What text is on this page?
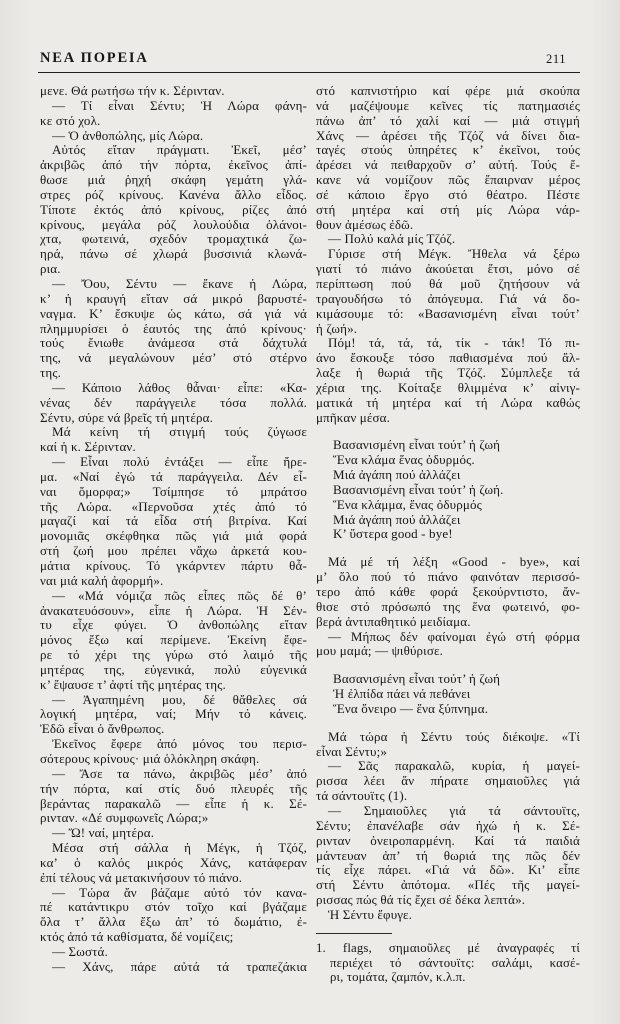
ΝΕΑ ΠΟΡΕΙΑ	211
μενε. Θά ρωτήσω τήν κ. Σέρινταν.
— Τί εἶναι Σέντυ; Ἡ Λώρα φάνη-
κε στό χολ.
— Ὁ ἀνθοπώλης, μίς Λώρα.
Αὐτός εἴταν πράγματι. Ἐκεῖ, μέσ’
ἀκριβῶς ἀπό τήν πόρτα, ἐκεῖνος ἀπί-
θωσε μιά ῥηχή σκάφη γεμάτη γλά-
στρες ρόζ κρίνους. Κανένα ἄλλο εἶδος.
Τίποτε ἐκτός ἀπό κρίνους, ρίζες ἀπό
κρίνους, μεγάλα ρόζ λουλούδια ὁλάνοι-
χτα, φωτεινά, σχεδόν τρομαχτικά ζω-
ηρά, πάνω σέ χλωρά βυσσινιά κλωνά-
ρια.
— Ὄου, Σέντυ — ἔκανε ἡ Λώρα,
κ’ ἡ κραυγή εἴταν σά μικρό βαρυστέ-
ναγμα. Κ’ ἔσκυψε ὡς κάτω, σά γιά νά
πλημμυρίσει ὁ ἑαυτός της ἀπό κρίνους·
τούς ἔνιωθε ἀνάμεσα στά δάχτυλά
της, νά μεγαλώνουν μέσ’ στό στέρνο
της.
— Κάποιο λάθος θἆναι· εἶπε: «Κα-
νένας δέν παράγγειλε τόσα πολλά.
Σέντυ, σύρε νά βρεῖς τή μητέρα.
Μά κείνη τή στιγμή τούς ζύγωσε
καί ἡ κ. Σέρινταν.
— Εἶναι πολύ ἐντάξει — εἶπε ἤρε-
μα. «Ναί ἐγώ τά παράγγειλα. Δέν εἶ-
ναι ὄμορφα;» Τσίμπησε τό μπράτσο
τῆς Λώρα. «Περνοῦσα χτές ἀπό τό
μαγαζί καί τά εἶδα στή βιτρίνα. Καί
μονομιᾶς σκέφθηκα πῶς γιά μιά φορά
στή ζωή μου πρέπει νἄχω ἀρκετά κου-
μάτια κρίνους. Τό γκάρντεν πάρτυ θἆ-
ναι μιά καλή ἀφορμή».
— «Μά νόμιζα πῶς εἶπες πῶς δέ θ’
ἀνακατευόσουν», εἶπε ἡ Λώρα. Ἡ Σέν-
τυ εἶχε φύγει. Ὁ ἀνθοπώλης εἴταν
μόνος ἔξω καί περίμενε. Ἐκείνη ἔφε-
ρε τό χέρι της γύρω στό λαιμό τῆς
μητέρας της, εὐγενικά, πολύ εὐγενικά
κ’ ἔψαυσε τ’ ἀφτί τῆς μητέρας της.
— Ἀγαπημένη μου, δέ θἄθελες σά
λογική μητέρα, ναί; Μήν τό κάνεις.
Ἐδῶ εἶναι ὁ ἄνθρωπος.
Ἐκεῖνος ἔφερε ἀπό μόνος του περισ-
σότερους κρίνους· μιά ὁλόκληρη σκάφη.
— Ἄσε τα πάνω, ἀκριβῶς μέσ’ ἀπό
τήν πόρτα, καί στίς δυό πλευρές τῆς
βεράντας παρακαλῶ — εἶπε ἡ κ. Σέ-
ρινταν. «Δέ συμφωνεῖς Λώρα;»
— Ὤ! ναί, μητέρα.
Μέσα στή σάλλα ἡ Μέγκ, ἡ Τζόζ,
κα’ ὁ καλός μικρός Χάνς, κατάφεραν
ἐπί τέλους νά μετακινήσουν τό πιάνο.
— Τώρα ἄν βάζαμε αὐτό τόν κανα-
πέ κατάντικρυ στόν τοῖχο καί βγάζαμε
ὅλα τ’ ἄλλα ἔξω ἀπ’ τό δωμάτιο, ἐ-
κτός ἀπό τά καθίσματα, δέ νομίζεις;
— Σωστά.
— Χάνς, πάρε αὐτά τά τραπεζάκια
στό καπνιστήριο καί φέρε μιά σκούπα
νά μαζέψουμε κεῖνες τίς πατημασιές
πάνω ἀπ’ τό χαλί καί — μιά στιγμή
Χάνς — ἀρέσει τῆς Τζόζ νά δίνει δια-
ταγές στούς ὑπηρέτες κ’ ἐκεῖνοι, τούς
ἀρέσει νά πειθαρχοῦν σ’ αὐτή. Τούς ἔ-
κανε νά νομίζουν πῶς ἔπαιρναν μέρος
σέ κάποιο ἔργο στό θέατρο. Πέστε
στή μητέρα καί στή μίς Λώρα νάρ-
θουν ἀμέσως ἐδῶ.
— Πολύ καλά μίς Τζόζ.
Γύρισε στή Μέγκ. Ἤθελα νά ξέρω
γιατί τό πιάνο ἀκούεται ἔτσι, μόνο σέ
περίπτωση πού θά μοῦ ζητήσουν νά
τραγουδήσω τό ἀπόγευμα. Γιά νά δο-
κιμάσουμε τό: «Βασανισμένη εἶναι τούτ’
ἡ ζωή».
Πόμ! τά, τά, τά, τίκ - τάκ! Τό πι-
άνο ἔσκουξε τόσο παθιασμένα πού ἄλ-
λαξε ἡ θωριά τῆς Τζόζ. Σύμπλεξε τά
χέρια της. Κοίταξε θλιμμένα κ’ αἰνιγ-
ματικά τή μητέρα καί τή Λώρα καθώς
μπῆκαν μέσα.
Βασανισμένη εἶναι τούτ’ ἡ ζωή
Ἕνα κλάμα ἕνας ὀδυρμός.
Μιά ἀγάπη πού ἀλλάζει
Βασανισμένη εἶναι τούτ’ ἡ ζωή.
Ἕνα κλάμμα, ἕνας ὀδυρμός
Μιά ἀγάπη πού ἀλλάζει
Κ’ ὕστερα good - bye!
Μά μέ τή λέξη «Good - bye», καί
μ’ ὅλο πού τό πιάνο φαινόταν περισσό-
τερο ἀπό κάθε φορά ξεκούρντιστο, ἄν-
θισε στό πρόσωπό της ἕνα φωτεινό, φο-
βερά ἀντιπαθητικό μειδίαμα.
— Μήπως δέν φαίνομαι ἐγώ στή φόρμα
μου μαμά; — ψιθύρισε.
Βασανισμένη εἶναι τούτ’ ἡ ζωή
Ἡ ἐλπίδα πάει νά πεθάνει
Ἕνα ὄνειρο — ἕνα ξύπνημα.
Μά τώρα ἡ Σέντυ τούς διέκοψε. «Τί
εἶναι Σέντυ;»
— Σᾶς παρακαλῶ, κυρία, ἡ μαγεί-
ρισσα λέει ἄν πήρατε σημαιοῦλες γιά
τά σάντουϊτς (1).
— Σημαιοῦλες γιά τά σάντουϊτς,
Σέντυ; ἐπανέλαβε σάν ἠχώ ἡ κ. Σέ-
ρινταν ὀνειροπαρμένη. Καί τά παιδιά
μάντευαν ἀπ’ τή θωριά της πῶς δέν
τίς εἶχε πάρει. «Γιά νά δῶ». Κι’ εἶπε
στή Σέντυ ἀπότομα. «Πές τῆς μαγεί-
ρισσας πώς θά τίς ἔχει σέ δέκα λεπτά».
Ἡ Σέντυ ἔφυγε.
1. flags, σημαιοῦλες μέ ἀναγραφές τί
περιέχει τό σάντουϊτς: σαλάμι, κασέ-
ρι, τομάτα, ζαμπόν, κ.λ.π.
